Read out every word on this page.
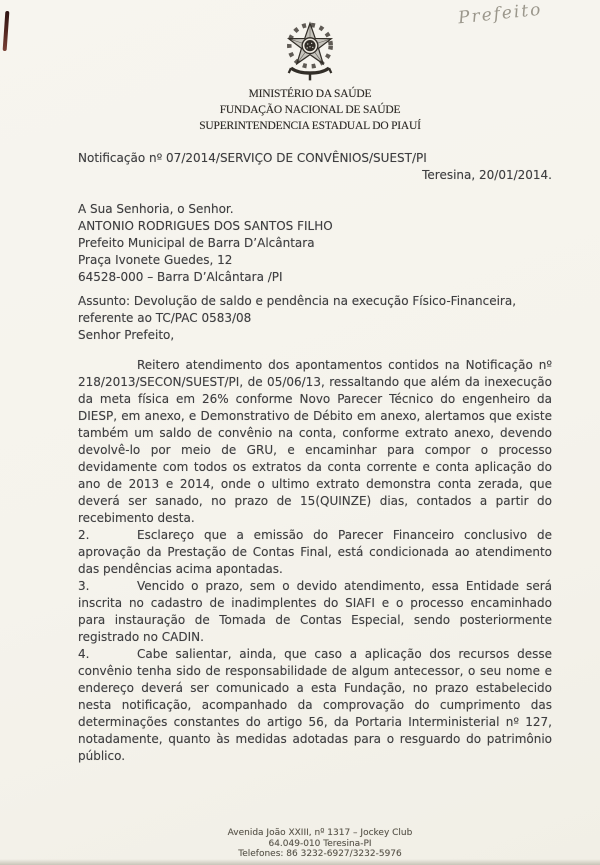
Prefeito
MINISTÉRIO DA SAÚDE
FUNDAÇÃO NACIONAL DE SAÚDE
SUPERINTENDENCIA ESTADUAL DO PIAUÍ

Notificação nº 07/2014/SERVIÇO DE CONVÊNIOS/SUEST/PI

Teresina, 20/01/2014.

A Sua Senhoria, o Senhor.
ANTONIO RODRIGUES DOS SANTOS FILHO
Prefeito Municipal de Barra D’Alcântara
Praça Ivonete Guedes, 12
64528-000 – Barra D’Alcântara /PI
Assunto: Devolução de saldo e pendência na execução Físico-Financeira,
referente ao TC/PAC 0583/08

Senhor Prefeito,

Reitero atendimento dos apontamentos contidos na Notificação nº 218/2013/SECON/SUEST/PI, de 05/06/13, ressaltando que além da inexecução da meta física em 26% conforme Novo Parecer Técnico do engenheiro da DIESP, em anexo, e Demonstrativo de Débito em anexo, alertamos que existe também um saldo de convênio na conta, conforme extrato anexo, devendo devolvê-lo por meio de GRU, e encaminhar para compor o processo devidamente com todos os extratos da conta corrente e conta aplicação do ano de 2013 e 2014, onde o ultimo extrato demonstra conta zerada, que deverá ser sanado, no prazo de 15(QUINZE) dias, contados a partir do recebimento desta.

2.	Esclareço que a emissão do Parecer Financeiro conclusivo de aprovação da Prestação de Contas Final, está condicionada ao atendimento das pendências acima apontadas.

3.	Vencido o prazo, sem o devido atendimento, essa Entidade será inscrita no cadastro de inadimplentes do SIAFI e o processo encaminhado para instauração de Tomada de Contas Especial, sendo posteriormente registrado no CADIN.

4.	Cabe salientar, ainda, que caso a aplicação dos recursos desse convênio tenha sido de responsabilidade de algum antecessor, o seu nome e endereço deverá ser comunicado a esta Fundação, no prazo estabelecido nesta notificação, acompanhado da comprovação do cumprimento das determinações constantes do artigo 56, da Portaria Interministerial nº 127, notadamente, quanto às medidas adotadas para o resguardo do patrimônio público.

Avenida João XXIII, nº 1317 – Jockey Club
64.049-010 Teresina-PI
Telefones: 86 3232-6927/3232-5976
